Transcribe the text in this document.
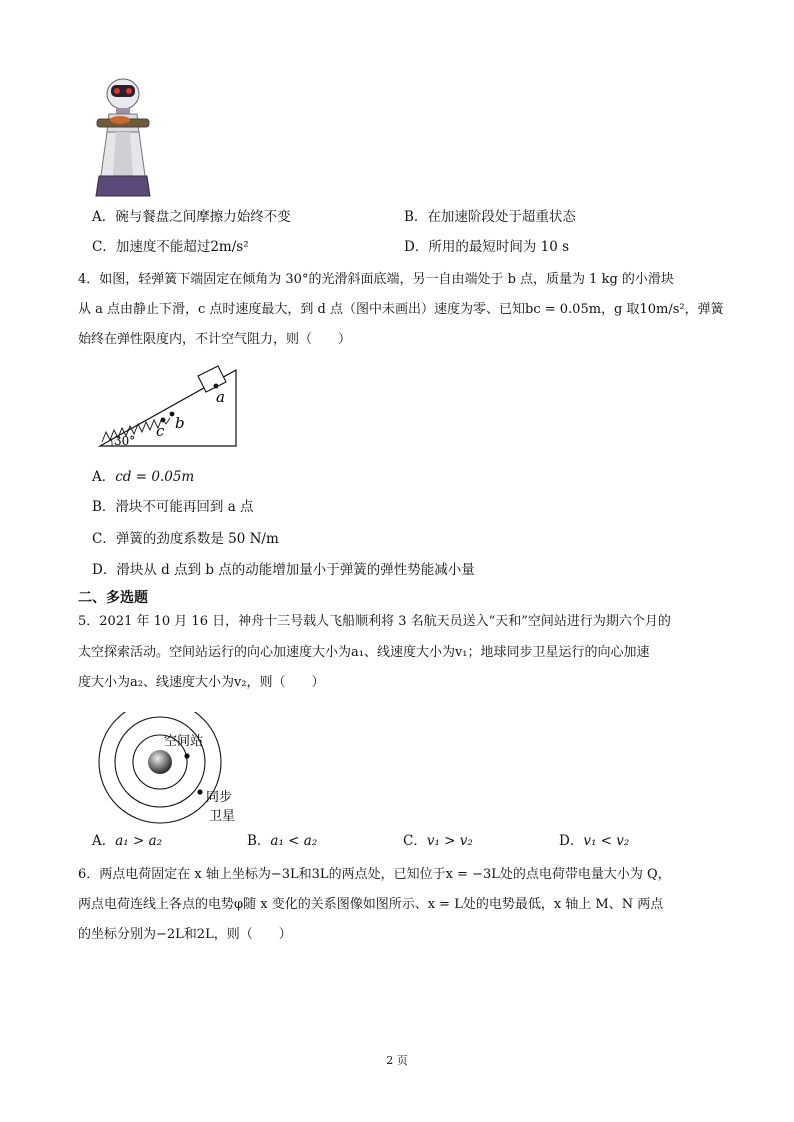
A．碗与餐盘之间摩擦力始终不变	B．在加速阶段处于超重状态
C．加速度不能超过2m/s²	D．所用的最短时间为 10 s
4．如图，轻弹簧下端固定在倾角为 30°的光滑斜面底端，另一自由端处于 b 点，质量为 1 kg 的小滑块
从 a 点由静止下滑，c 点时速度最大，到 d 点（图中未画出）速度为零、已知bc = 0.05m，g 取10m/s²，弹簧
始终在弹性限度内，不计空气阻力，则（　　）
a
b
c
30°
A．cd = 0.05m
B．滑块不可能再回到 a 点
C．弹簧的劲度系数是 50 N/m
D．滑块从 d 点到 b 点的动能增加量小于弹簧的弹性势能减小量
二、多选题
5．2021 年 10 月 16 日，神舟十三号载人飞船顺利将 3 名航天员送入“天和”空间站进行为期六个月的
太空探索活动。空间站运行的向心加速度大小为a₁、线速度大小为v₁；地球同步卫星运行的向心加速
度大小为a₂、线速度大小为v₂，则（　　）
空间站
同步
卫星
A．a₁ > a₂	B．a₁ < a₂	C．v₁ > v₂	D．v₁ < v₂
6．两点电荷固定在 x 轴上坐标为−3L和3L的两点处，已知位于x = −3L处的点电荷带电量大小为 Q，
两点电荷连线上各点的电势φ随 x 变化的关系图像如图所示、x = L处的电势最低，x 轴上 M、N 两点
的坐标分别为−2L和2L，则（　　）
2 页
